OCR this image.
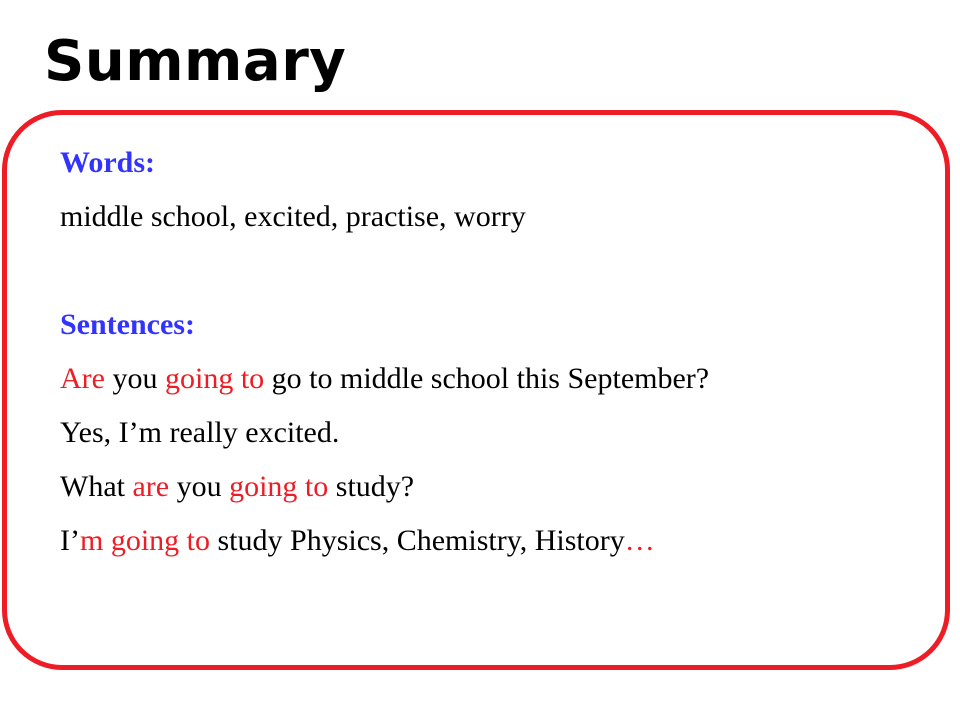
Summary
Words:
middle school, excited, practise, worry
Sentences:
Are you going to go to middle school this September?
Yes, I’m really excited.
What are you going to study?
I’m going to study Physics, Chemistry, History…
